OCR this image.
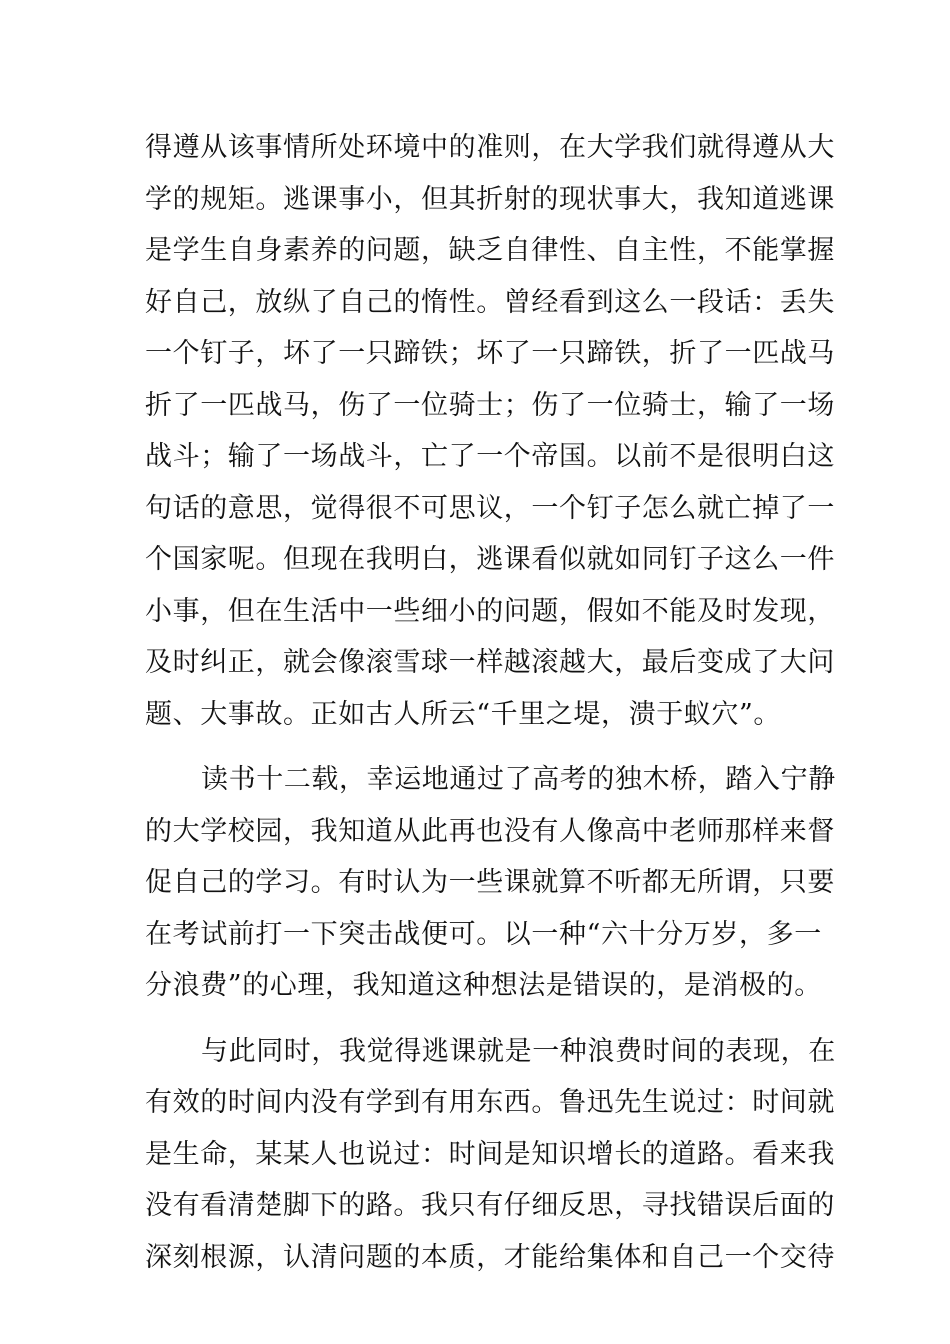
得遵从该事情所处环境中的准则，在大学我们就得遵从大
学的规矩。逃课事小，但其折射的现状事大，我知道逃课
是学生自身素养的问题，缺乏自律性、自主性，不能掌握
好自己，放纵了自己的惰性。曾经看到这么一段话：丢失
一个钉子，坏了一只蹄铁；坏了一只蹄铁，折了一匹战马
折了一匹战马，伤了一位骑士；伤了一位骑士，输了一场
战斗；输了一场战斗，亡了一个帝国。以前不是很明白这
句话的意思，觉得很不可思议，一个钉子怎么就亡掉了一
个国家呢。但现在我明白，逃课看似就如同钉子这么一件
小事，但在生活中一些细小的问题，假如不能及时发现，
及时纠正，就会像滚雪球一样越滚越大，最后变成了大问
题、大事故。正如古人所云“千里之堤，溃于蚁穴”。
读书十二载，幸运地通过了高考的独木桥，踏入宁静
的大学校园，我知道从此再也没有人像高中老师那样来督
促自己的学习。有时认为一些课就算不听都无所谓，只要
在考试前打一下突击战便可。以一种“六十分万岁，多一
分浪费”的心理，我知道这种想法是错误的，是消极的。
与此同时，我觉得逃课就是一种浪费时间的表现，在
有效的时间内没有学到有用东西。鲁迅先生说过：时间就
是生命，某某人也说过：时间是知识增长的道路。看来我
没有看清楚脚下的路。我只有仔细反思，寻找错误后面的
深刻根源，认清问题的本质，才能给集体和自己一个交待
